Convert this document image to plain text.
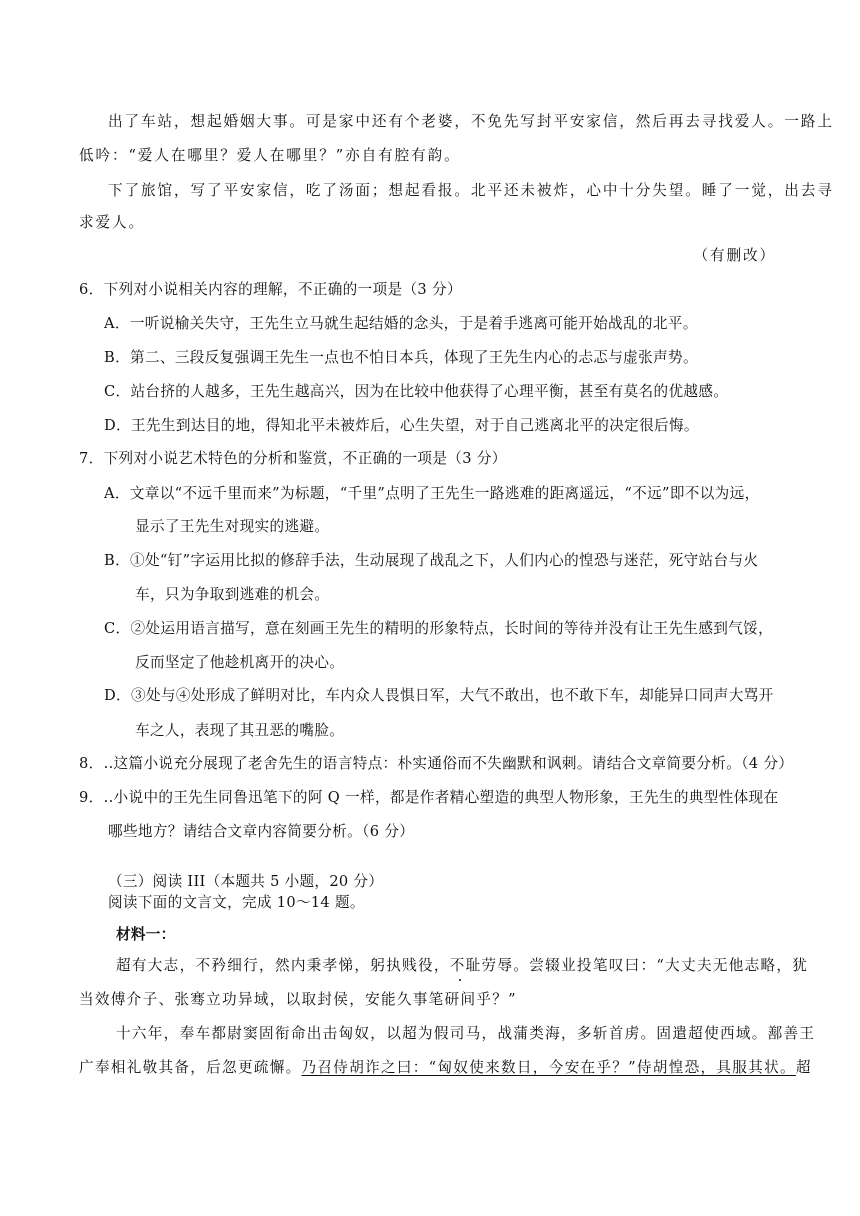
出了车站，想起婚姻大事。可是家中还有个老婆，不免先写封平安家信，然后再去寻找爱人。一路上
低吟：“爱人在哪里？爱人在哪里？”亦自有腔有韵。
下了旅馆，写了平安家信，吃了汤面；想起看报。北平还未被炸，心中十分失望。睡了一觉，出去寻
求爱人。
（有删改）
6．下列对小说相关内容的理解，不正确的一项是（3 分）
A．一听说榆关失守，王先生立马就生起结婚的念头，于是着手逃离可能开始战乱的北平。
B．第二、三段反复强调王先生一点也不怕日本兵，体现了王先生内心的忐忑与虚张声势。
C．站台挤的人越多，王先生越高兴，因为在比较中他获得了心理平衡，甚至有莫名的优越感。
D．王先生到达目的地，得知北平未被炸后，心生失望，对于自己逃离北平的决定很后悔。
7．下列对小说艺术特色的分析和鉴赏，不正确的一项是（3 分）
A．文章以“不远千里而来”为标题，“千里”点明了王先生一路逃难的距离遥远，“不远”即不以为远，
显示了王先生对现实的逃避。
B．①处“钉”字运用比拟的修辞手法，生动展现了战乱之下，人们内心的惶恐与迷茫，死守站台与火
车，只为争取到逃难的机会。
C．②处运用语言描写，意在刻画王先生的精明的形象特点，长时间的等待并没有让王先生感到气馁，
反而坚定了他趁机离开的决心。
D．③处与④处形成了鲜明对比，车内众人畏惧日军，大气不敢出，也不敢下车，却能异口同声大骂开
车之人，表现了其丑恶的嘴脸。
8．..这篇小说充分展现了老舍先生的语言特点：朴实通俗而不失幽默和讽刺。请结合文章简要分析。（4 分）
9．..小说中的王先生同鲁迅笔下的阿 Q 一样，都是作者精心塑造的典型人物形象，王先生的典型性体现在
哪些地方？请结合文章内容简要分析。（6 分）
（三）阅读 III（本题共 5 小题，20 分）
阅读下面的文言文，完成 10～14 题。
材料一：
超有大志，不矜细行，然内秉孝悌，躬执贱役，不耻劳辱。尝辍业投笔叹曰：“大丈夫无他志略，犹
当效傅介子、张骞立功异域，以取封侯，安能久事笔研间乎？”
十六年，奉车都尉窦固衔命出击匈奴，以超为假司马，战蒲类海，多斩首虏。固遣超使西域。鄯善王
广奉相礼敬其备，后忽更疏懈。乃召侍胡诈之曰：“匈奴使来数日，今安在乎？”侍胡惶恐，具服其状。超
